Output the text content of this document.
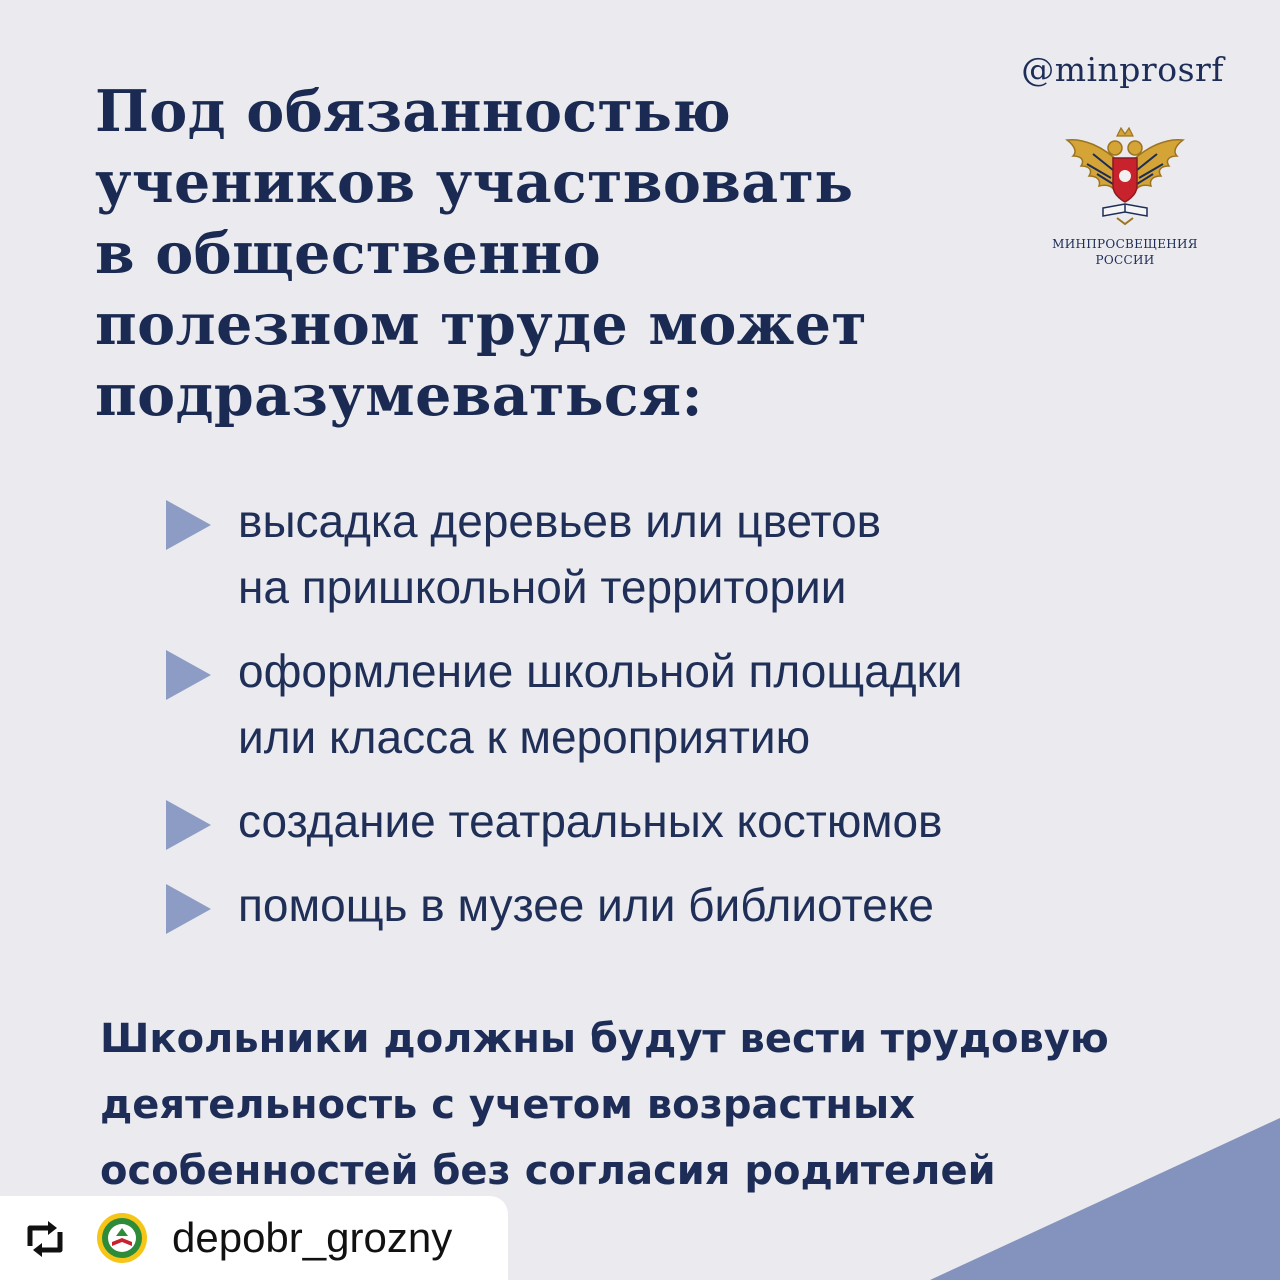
@minprosrf
МИНПРОСВЕЩЕНИЯ
РОССИИ
Под обязанностью
учеников участвовать
в общественно
полезном труде может
подразумеваться:
высадка деревьев или цветов
на пришкольной территории
оформление школьной площадки
или класса к мероприятию
создание театральных костюмов
помощь в музее или библиотеке
Школьники должны будут вести трудовую
деятельность с учетом возрастных
особенностей без согласия родителей
depobr_grozny
